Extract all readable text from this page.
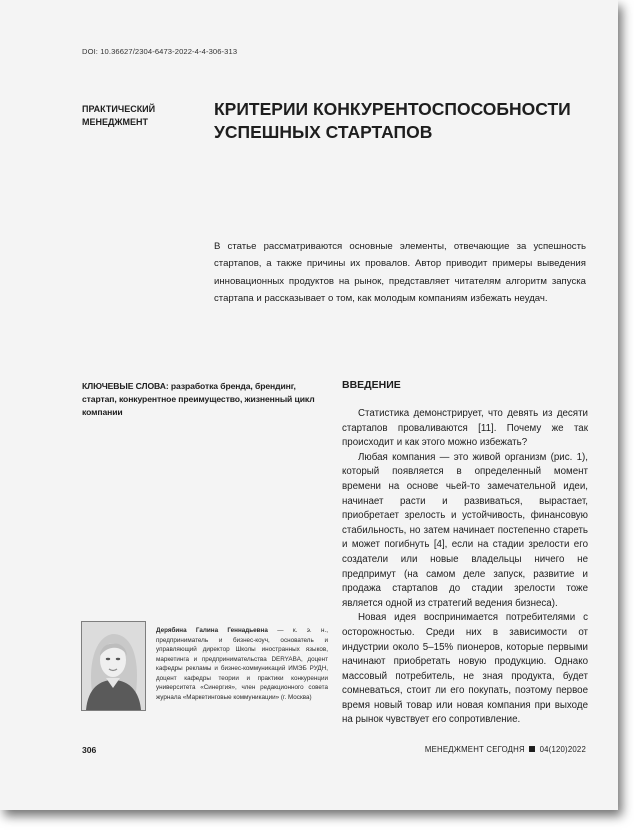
DOI: 10.36627/2304-6473-2022-4-4-306-313
ПРАКТИЧЕСКИЙ МЕНЕДЖМЕНТ
КРИТЕРИИ КОНКУРЕНТОСПОСОБНОСТИ УСПЕШНЫХ СТАРТАПОВ
В статье рассматриваются основные элементы, отвечающие за успешность стартапов, а также причины их провалов. Автор приводит примеры выведения инновационных продуктов на рынок, представляет читателям алгоритм запуска стартапа и рассказывает о том, как молодым компаниям избежать неудач.
КЛЮЧЕВЫЕ СЛОВА: разработка бренда, брендинг, стартап, конкурентное преимущество, жизненный цикл компании
ВВЕДЕНИЕ

Статистика демонстрирует, что девять из десяти стартапов проваливаются [11]. Почему же так происходит и как этого можно избежать?

Любая компания — это живой организм (рис. 1), который появляется в определенный момент времени на основе чьей-то замечательной идеи, начинает расти и развиваться, вырастает, приобретает зрелость и устойчивость, финансовую стабильность, но затем начинает постепенно стареть и может погибнуть [4], если на стадии зрелости его создатели или новые владельцы ничего не предпримут (на самом деле запуск, развитие и продажа стартапов до стадии зрелости тоже является одной из стратегий ведения бизнеса).

Новая идея воспринимается потребителями с осторожностью. Среди них в зависимости от индустрии около 5–15% пионеров, которые первыми начинают приобретать новую продукцию. Однако массовый потребитель, не зная продукта, будет сомневаться, стоит ли его покупать, поэтому первое время новый товар или новая компания при выходе на рынок чувствует его сопротивление.

Дерябина Галина Геннадьевна — к. э. н., предприниматель и бизнес-коуч, основатель и управляющий директор Школы иностранных языков, маркетинга и предпринимательства DERYABA, доцент кафедры рекламы и бизнес-коммуникаций ИМЭБ РУДН, доцент кафедры теории и практики конкуренции университета «Синергия», член редакционного совета журнала «Маркетинговые коммуникации» (г. Москва)
306	МЕНЕДЖМЕНТ СЕГОДНЯ 04(120)2022
